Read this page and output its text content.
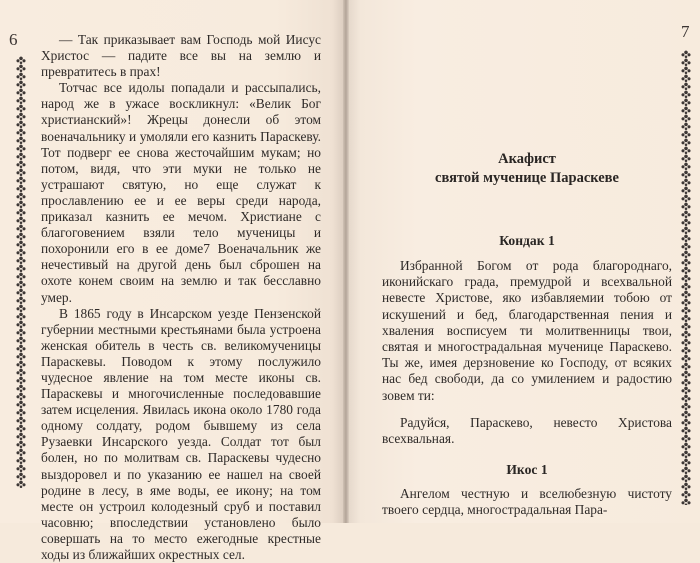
6	— Так приказывает вам Господь мой Иисус Христос — падите все вы на землю и превратитесь в прах!

Тотчас все идолы попадали и рассыпались, народ же в ужасе воскликнул: «Велик Бог христианский»! Жрецы донесли об этом военачальнику и умоляли его казнить Параскеву. Тот подверг ее снова жесточайшим мукам; но потом, видя, что эти муки не только не устрашают святую, но еще служат к прославлению ее и ее веры среди народа, приказал казнить ее мечом. Христиане с благоговением взяли тело мученицы и похоронили его в ее доме7 Военачальник же нечестивый на другой день был сброшен на охоте конем своим на землю и так бесславно умер.

В 1865 году в Инсарском уезде Пензенской губернии местными крестьянами была устроена женская обитель в честь св. великомученицы Параскевы. Поводом к этому послужило чудесное явление на том месте иконы св. Параскевы и многочисленные последовавшие затем исцеления. Явилась икона около 1780 года одному солдату, родом бывшему из села Рузаевки Инсарского уезда. Солдат тот был болен, но по молитвам св. Параскевы чудесно выздоровел и по указанию ее нашел на своей родине в лесу, в яме воды, ее икону; на том месте он устроил колодезный сруб и поставил часовню; впоследствии установлено было совершать на то место ежегодные крестные ходы из ближайших окрестных сел.

7
Акафист
святой мученице Параскеве
Кондак 1

Избранной Богом от рода благороднаго, иконийскаго града, премудрой и всехвальной невесте Христове, яко избавляемии тобою от искушений и бед, благодарственная пения и хваления восписуем ти молитвенницы твои, святая и многострадальная мученице Параскево. Ты же, имея дерзновение ко Господу, от всяких нас бед свободи, да со умилением и радостию зовем ти:

Радуйся, Параскево, невесто Христова всехвальная.

Икос 1

Ангелом честную и вселюбезную чистоту твоего сердца, многострадальная Пара-
